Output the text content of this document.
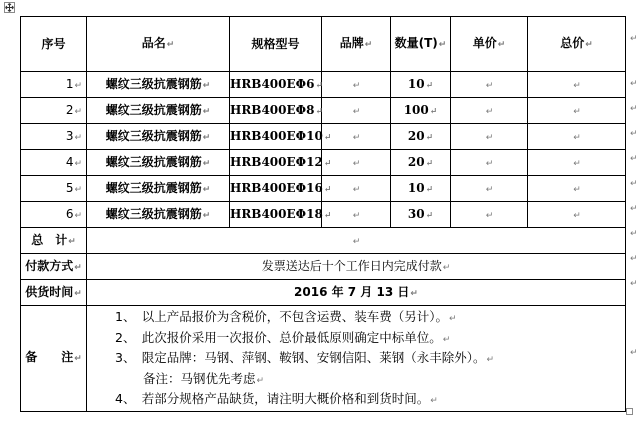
序号	品名↵	规格型号	品牌↵	数量(T)↵	单价↵	总价↵
1↵	螺纹三级抗震钢筋↵	HRB400EΦ6↵	↵	10↵	↵	↵
2↵	螺纹三级抗震钢筋↵	HRB400EΦ8↵	↵	100↵	↵	↵
3↵	螺纹三级抗震钢筋↵	HRB400EΦ10↵	↵	20↵	↵	↵
4↵	螺纹三级抗震钢筋↵	HRB400EΦ12↵	↵	20↵	↵	↵
5↵	螺纹三级抗震钢筋↵	HRB400EΦ16↵	↵	10↵	↵	↵
6↵	螺纹三级抗震钢筋↵	HRB400EΦ18↵	↵	30↵	↵	↵
总　计↵	↵					
付款方式↵	发票送达后十个工作日内完成付款↵					
供货时间↵	2016 年 7 月 13 日↵					
备　　注↵	1、　以上产品报价为含税价，不包含运费、装车费（另计）。↵
2、　此次报价采用一次报价、总价最低原则确定中标单位。↵
3、　限定品牌：马钢、萍钢、鞍钢、安钢信阳、莱钢（永丰除外）。↵
备注：马钢优先考虑↵
4、　若部分规格产品缺货，请注明大概价格和到货时间。↵					
↵
↵
↵
↵
↵
↵
↵
↵
↵
↵
↵
